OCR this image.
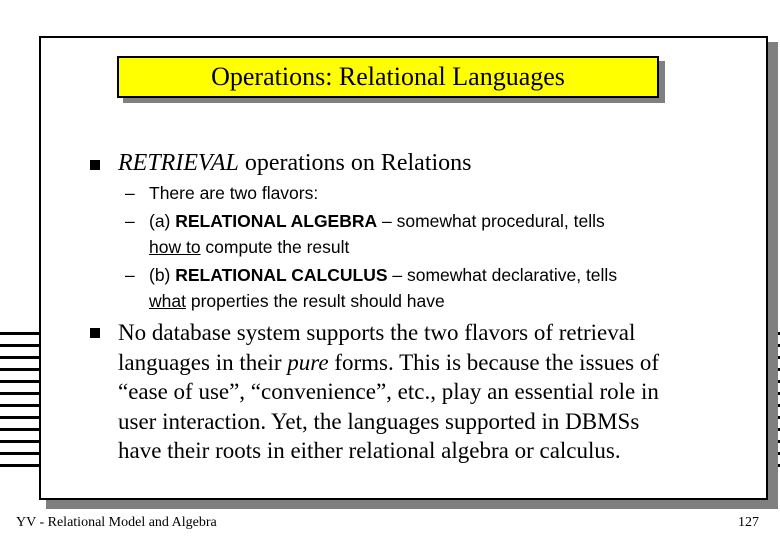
Operations: Relational Languages
RETRIEVAL operations on Relations
– There are two flavors:
– (a) RELATIONAL ALGEBRA – somewhat procedural, tells
how to compute the result
– (b) RELATIONAL CALCULUS – somewhat declarative, tells
what properties the result should have
No database system supports the two flavors of retrieval
languages in their pure forms. This is because the issues of
“ease of use”, “convenience”, etc., play an essential role in
user interaction. Yet, the languages supported in DBMSs
have their roots in either relational algebra or calculus.
YV - Relational Model and Algebra	127
